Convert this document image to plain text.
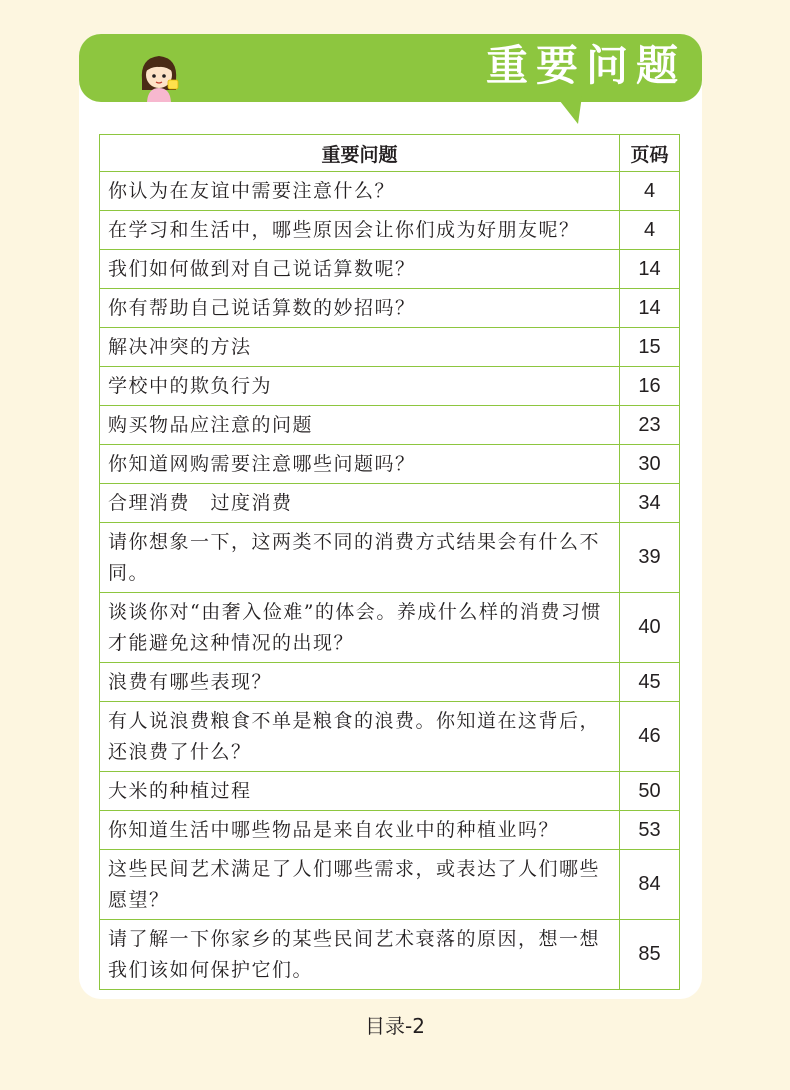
重要问题
重要问题	页码
你认为在友谊中需要注意什么？	4
在学习和生活中，哪些原因会让你们成为好朋友呢？	4
我们如何做到对自己说话算数呢？	14
你有帮助自己说话算数的妙招吗？	14
解决冲突的方法	15
学校中的欺负行为	16
购买物品应注意的问题	23
你知道网购需要注意哪些问题吗？	30
合理消费　过度消费	34
请你想象一下，这两类不同的消费方式结果会有什么不同。	39
谈谈你对“由奢入俭难”的体会。养成什么样的消费习惯才能避免这种情况的出现？	40
浪费有哪些表现？	45
有人说浪费粮食不单是粮食的浪费。你知道在这背后，还浪费了什么？	46
大米的种植过程	50
你知道生活中哪些物品是来自农业中的种植业吗？	53
这些民间艺术满足了人们哪些需求，或表达了人们哪些愿望？	84
请了解一下你家乡的某些民间艺术衰落的原因，想一想我们该如何保护它们。	85
目录-2
